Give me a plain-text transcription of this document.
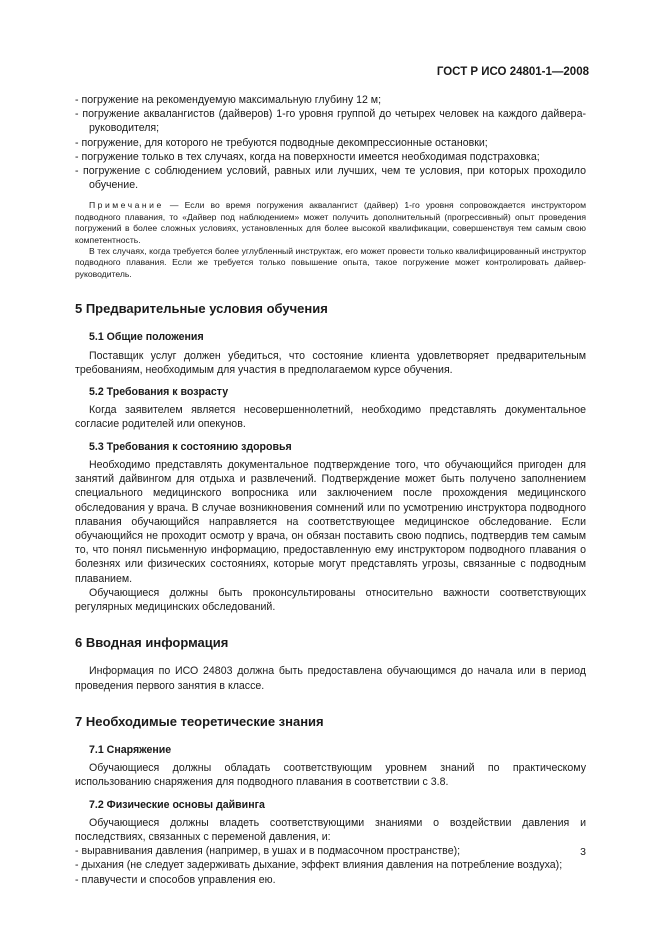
ГОСТ Р ИСО 24801-1—2008

- погружение на рекомендуемую максимальную глубину 12 м;

- погружение аквалангистов (дайверов) 1-го уровня группой до четырех человек на каждого дайвера-руководителя;

- погружение, для которого не требуются подводные декомпрессионные остановки;

- погружение только в тех случаях, когда на поверхности имеется необходимая подстраховка;

- погружение с соблюдением условий, равных или лучших, чем те условия, при которых проходило обучение.

Примечание — Если во время погружения аквалангист (дайвер) 1-го уровня сопровождается инструктором подводного плавания, то «Дайвер под наблюдением» может получить дополнительный (прогрессивный) опыт проведения погружений в более сложных условиях, установленных для более высокой квалификации, совершенствуя тем самым свою компетентность.

В тех случаях, когда требуется более углубленный инструктаж, его может провести только квалифицированный инструктор подводного плавания. Если же требуется только повышение опыта, такое погружение может контролировать дайвер-руководитель.

5 Предварительные условия обучения
5.1 Общие положения

Поставщик услуг должен убедиться, что состояние клиента удовлетворяет предварительным требованиям, необходимым для участия в предполагаемом курсе обучения.

5.2 Требования к возрасту

Когда заявителем является несовершеннолетний, необходимо представлять документальное согласие родителей или опекунов.

5.3 Требования к состоянию здоровья

Необходимо представлять документальное подтверждение того, что обучающийся пригоден для занятий дайвингом для отдыха и развлечений. Подтверждение может быть получено заполнением специального медицинского вопросника или заключением после прохождения медицинского обследования у врача. В случае возникновения сомнений или по усмотрению инструктора подводного плавания обучающийся направляется на соответствующее медицинское обследование. Если обучающийся не проходит осмотр у врача, он обязан поставить свою подпись, подтвердив тем самым то, что понял письменную информацию, предоставленную ему инструктором подводного плавания о болезнях или физических состояниях, которые могут представлять угрозы, связанные с подводным плаванием.

Обучающиеся должны быть проконсультированы относительно важности соответствующих регулярных медицинских обследований.

6 Вводная информация

Информация по ИСО 24803 должна быть предоставлена обучающимся до начала или в период проведения первого занятия в классе.

7 Необходимые теоретические знания
7.1 Снаряжение

Обучающиеся должны обладать соответствующим уровнем знаний по практическому использованию снаряжения для подводного плавания в соответствии с 3.8.

7.2 Физические основы дайвинга

Обучающиеся должны владеть соответствующими знаниями о воздействии давления и последствиях, связанных с переменой давления, и:

- выравнивания давления (например, в ушах и в подмасочном пространстве);

- дыхания (не следует задерживать дыхание, эффект влияния давления на потребление воздуха);

- плавучести и способов управления ею.

3
